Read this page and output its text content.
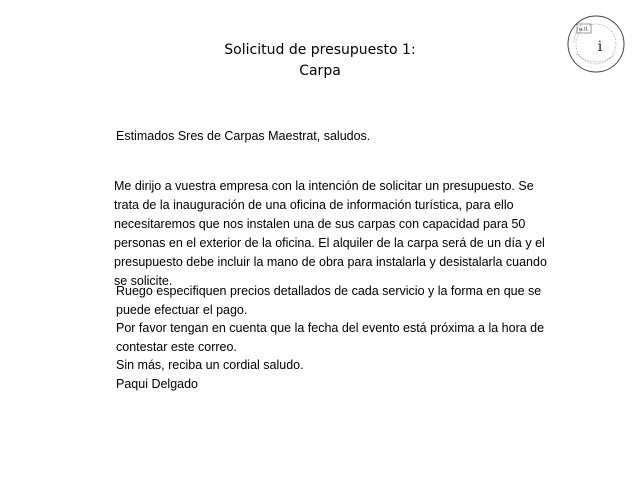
Solicitud de presupuesto 1:
Carpa
e.ll.
i

Estimados Sres de Carpas Maestrat, saludos.

Me dirijo a vuestra empresa con la intención de solicitar un presupuesto. Se trata de la inauguración de una oficina de información turística, para ello necesitaremos que nos instalen una de sus carpas con capacidad para 50 personas en el exterior de la oficina. El alquiler de la carpa será de un día y el presupuesto debe incluir la mano de obra para instalarla y desistalarla cuando se solicite.

Ruego especifiquen precios detallados de cada servicio y la forma en que se puede efectuar el pago.

Por favor tengan en cuenta que la fecha del evento está próxima a la hora de contestar este correo.

Sin más, reciba un cordial saludo.

Paqui Delgado
